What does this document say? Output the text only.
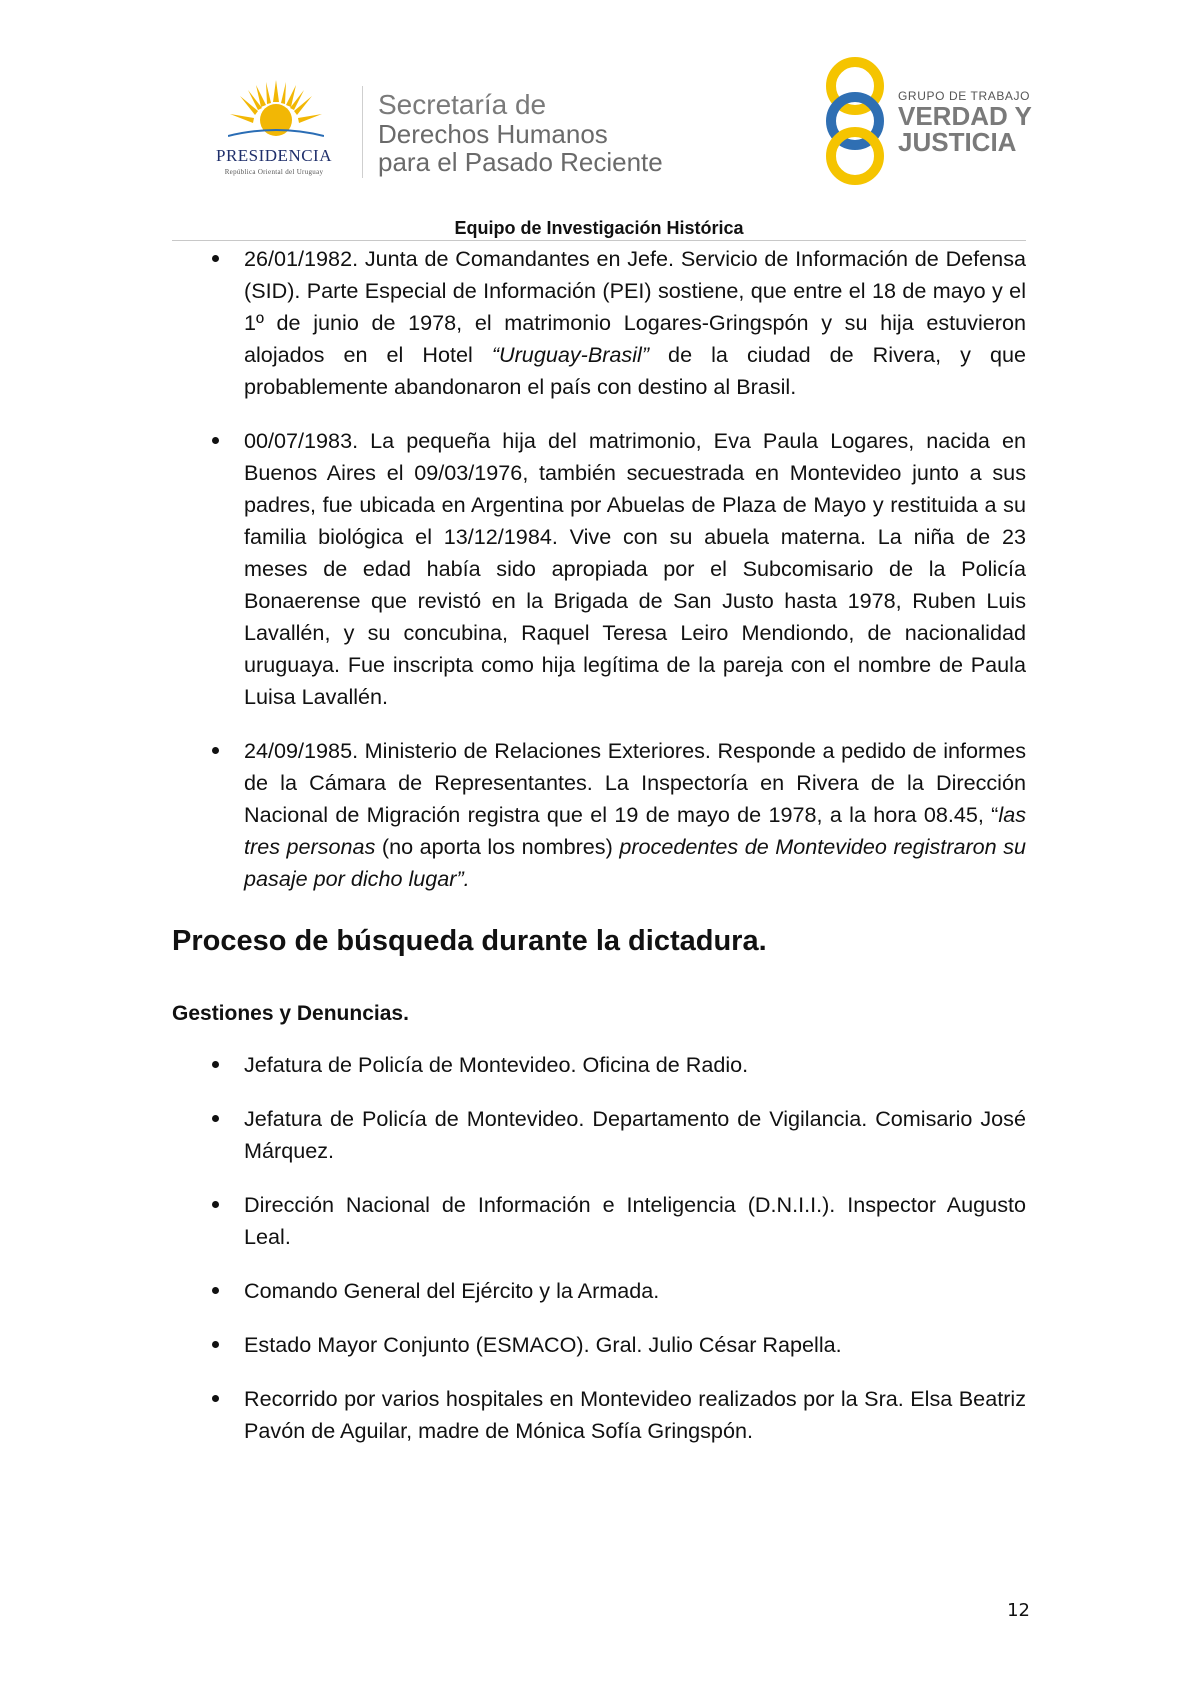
PRESIDENCIA
República Oriental del Uruguay
Secretaría de
Derechos Humanos
para el Pasado Reciente
GRUPO DE TRABAJO
VERDAD Y
JUSTICIA
Equipo de Investigación Histórica

26/01/1982. Junta de Comandantes en Jefe. Servicio de Información de Defensa (SID). Parte Especial de Información (PEI) sostiene, que entre el 18 de mayo y el 1º de junio de 1978, el matrimonio Logares-Gringspón y su hija estuvieron alojados en el Hotel “Uruguay-Brasil” de la ciudad de Rivera, y que probablemente abandonaron el país con destino al Brasil.

00/07/1983. La pequeña hija del matrimonio, Eva Paula Logares, nacida en Buenos Aires el 09/03/1976, también secuestrada en Montevideo junto a sus padres, fue ubicada en Argentina por Abuelas de Plaza de Mayo y restituida a su familia biológica el 13/12/1984. Vive con su abuela materna. La niña de 23 meses de edad había sido apropiada por el Subcomisario de la Policía Bonaerense que revistó en la Brigada de San Justo hasta 1978, Ruben Luis Lavallén, y su concubina, Raquel Teresa Leiro Mendiondo, de nacionalidad uruguaya. Fue inscripta como hija legítima de la pareja con el nombre de Paula Luisa Lavallén.

24/09/1985. Ministerio de Relaciones Exteriores. Responde a pedido de informes de la Cámara de Representantes. La Inspectoría en Rivera de la Dirección Nacional de Migración registra que el 19 de mayo de 1978, a la hora 08.45, “las tres personas (no aporta los nombres) procedentes de Montevideo registraron su pasaje por dicho lugar”.

Proceso de búsqueda durante la dictadura.
Gestiones y Denuncias.

Jefatura de Policía de Montevideo. Oficina de Radio.

Jefatura de Policía de Montevideo. Departamento de Vigilancia. Comisario José Márquez.

Dirección Nacional de Información e Inteligencia (D.N.I.I.). Inspector Augusto Leal.

Comando General del Ejército y la Armada.

Estado Mayor Conjunto (ESMACO). Gral. Julio César Rapella.

Recorrido por varios hospitales en Montevideo realizados por la Sra. Elsa Beatriz Pavón de Aguilar, madre de Mónica Sofía Gringspón.

12
